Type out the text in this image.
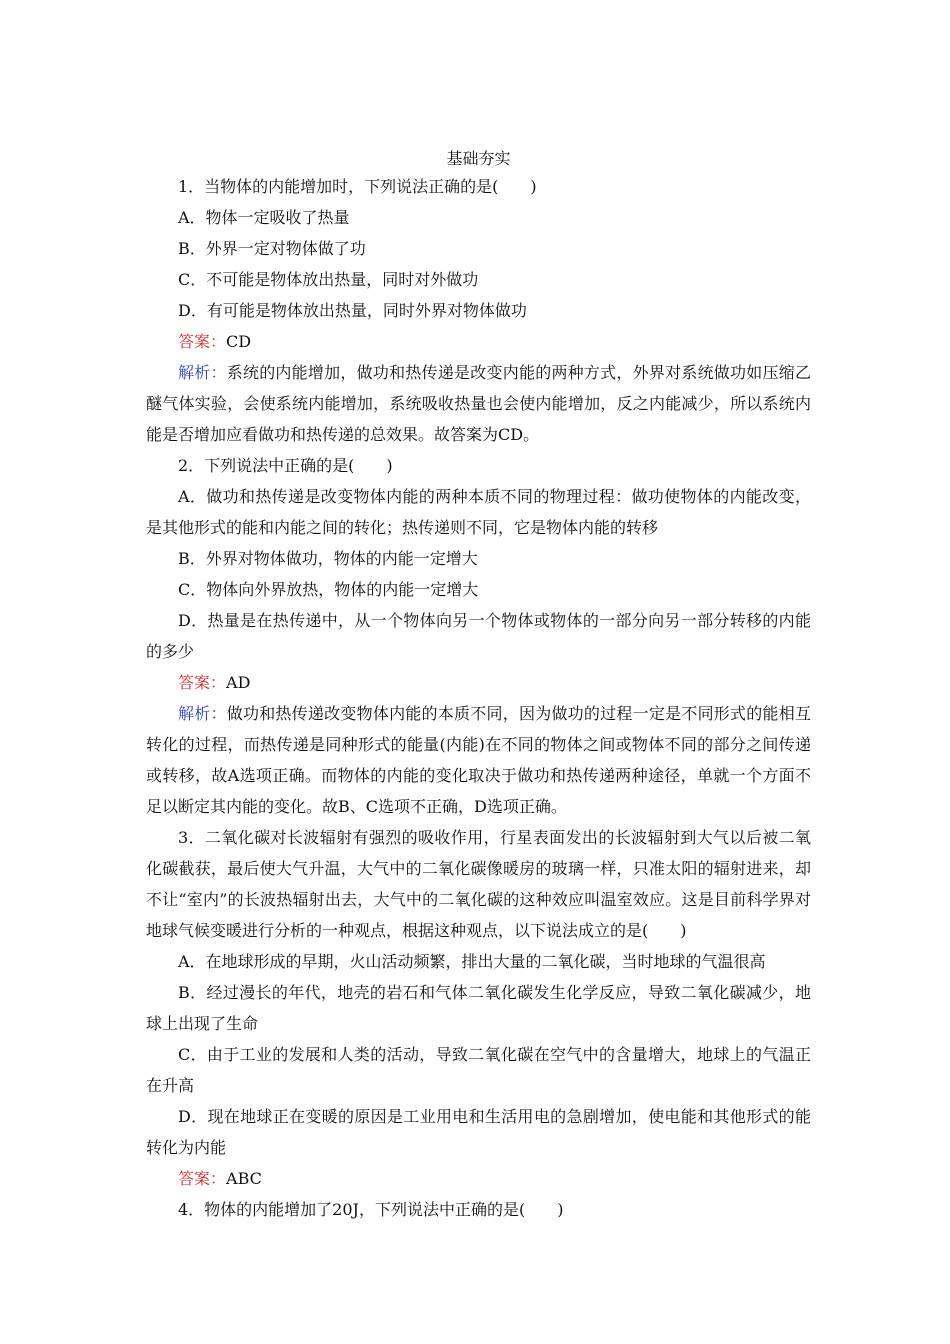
基础夯实

1．当物体的内能增加时，下列说法正确的是(　　)

A．物体一定吸收了热量

B．外界一定对物体做了功

C．不可能是物体放出热量，同时对外做功

D．有可能是物体放出热量，同时外界对物体做功

答案：CD

解析：系统的内能增加，做功和热传递是改变内能的两种方式，外界对系统做功如压缩乙醚气体实验，会使系统内能增加，系统吸收热量也会使内能增加，反之内能减少，所以系统内能是否增加应看做功和热传递的总效果。故答案为CD。

2．下列说法中正确的是(　　)

A．做功和热传递是改变物体内能的两种本质不同的物理过程：做功使物体的内能改变，是其他形式的能和内能之间的转化；热传递则不同，它是物体内能的转移

B．外界对物体做功，物体的内能一定增大

C．物体向外界放热，物体的内能一定增大

D．热量是在热传递中，从一个物体向另一个物体或物体的一部分向另一部分转移的内能的多少

答案：AD

解析：做功和热传递改变物体内能的本质不同，因为做功的过程一定是不同形式的能相互转化的过程，而热传递是同种形式的能量(内能)在不同的物体之间或物体不同的部分之间传递或转移，故A选项正确。而物体的内能的变化取决于做功和热传递两种途径，单就一个方面不足以断定其内能的变化。故B、C选项不正确，D选项正确。

3．二氧化碳对长波辐射有强烈的吸收作用，行星表面发出的长波辐射到大气以后被二氧化碳截获，最后使大气升温，大气中的二氧化碳像暖房的玻璃一样，只准太阳的辐射进来，却不让“室内”的长波热辐射出去，大气中的二氧化碳的这种效应叫温室效应。这是目前科学界对地球气候变暖进行分析的一种观点，根据这种观点，以下说法成立的是(　　)

A．在地球形成的早期，火山活动频繁，排出大量的二氧化碳，当时地球的气温很高

B．经过漫长的年代，地壳的岩石和气体二氧化碳发生化学反应，导致二氧化碳减少，地球上出现了生命

C．由于工业的发展和人类的活动，导致二氧化碳在空气中的含量增大，地球上的气温正在升高

D．现在地球正在变暖的原因是工业用电和生活用电的急剧增加，使电能和其他形式的能转化为内能

答案：ABC

4．物体的内能增加了20J，下列说法中正确的是(　　)
